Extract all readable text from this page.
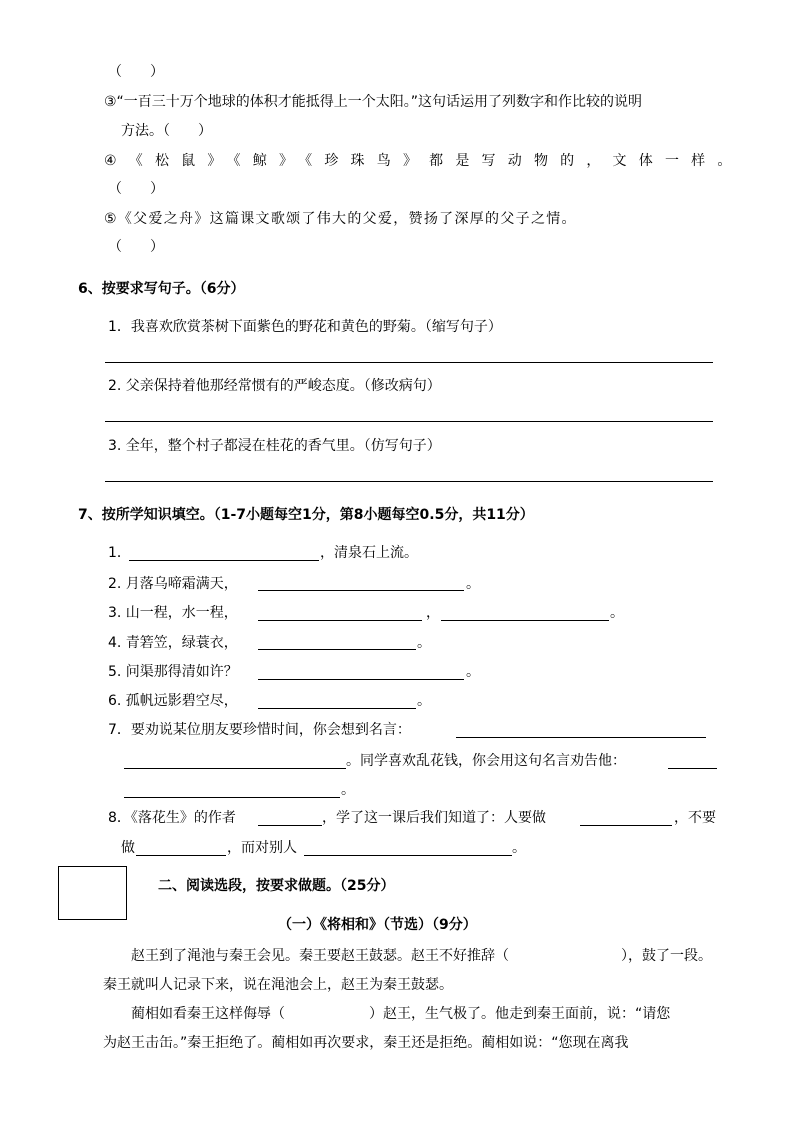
（　　）
③“一百三十万个地球的体积才能抵得上一个太阳。”这句话运用了列数字和作比较的说明
方法。（　　）
④《松鼠》《鲸》《珍珠鸟》都是写动物的，文体一样。
（　　）
⑤《父爱之舟》这篇课文歌颂了伟大的父爱，赞扬了深厚的父子之情。
（　　）
6、按要求写句子。（6分）
1．我喜欢欣赏茶树下面紫色的野花和黄色的野菊。（缩写句子）
2. 父亲保持着他那经常惯有的严峻态度。（修改病句）
3. 全年，整个村子都浸在桂花的香气里。（仿写句子）
7、按所学知识填空。（1-7小题每空1分，第8小题每空0.5分，共11分）
1．	，清泉石上流。
2. 月落乌啼霜满天，	。
3. 山一程，水一程，	，	。
4. 青箬笠，绿蓑衣，	。
5. 问渠那得清如许？	。
6. 孤帆远影碧空尽，	。
7．要劝说某位朋友要珍惜时间，你会想到名言：
。同学喜欢乱花钱，你会用这句名言劝告他：
。
8．《落花生》的作者	，学了这一课后我们知道了：人要做	，不要
做	，而对别人	。
二、阅读选段，按要求做题。（25分）
（一）《将相和》（节选）（9分）
赵王到了渑池与秦王会见。秦王要赵王鼓瑟。赵王不好推辞（	），鼓了一段。
秦王就叫人记录下来，说在渑池会上，赵王为秦王鼓瑟。
蔺相如看秦王这样侮辱（	）赵王，生气极了。他走到秦王面前，说：“请您
为赵王击缶。”秦王拒绝了。蔺相如再次要求，秦王还是拒绝。蔺相如说：“您现在离我
